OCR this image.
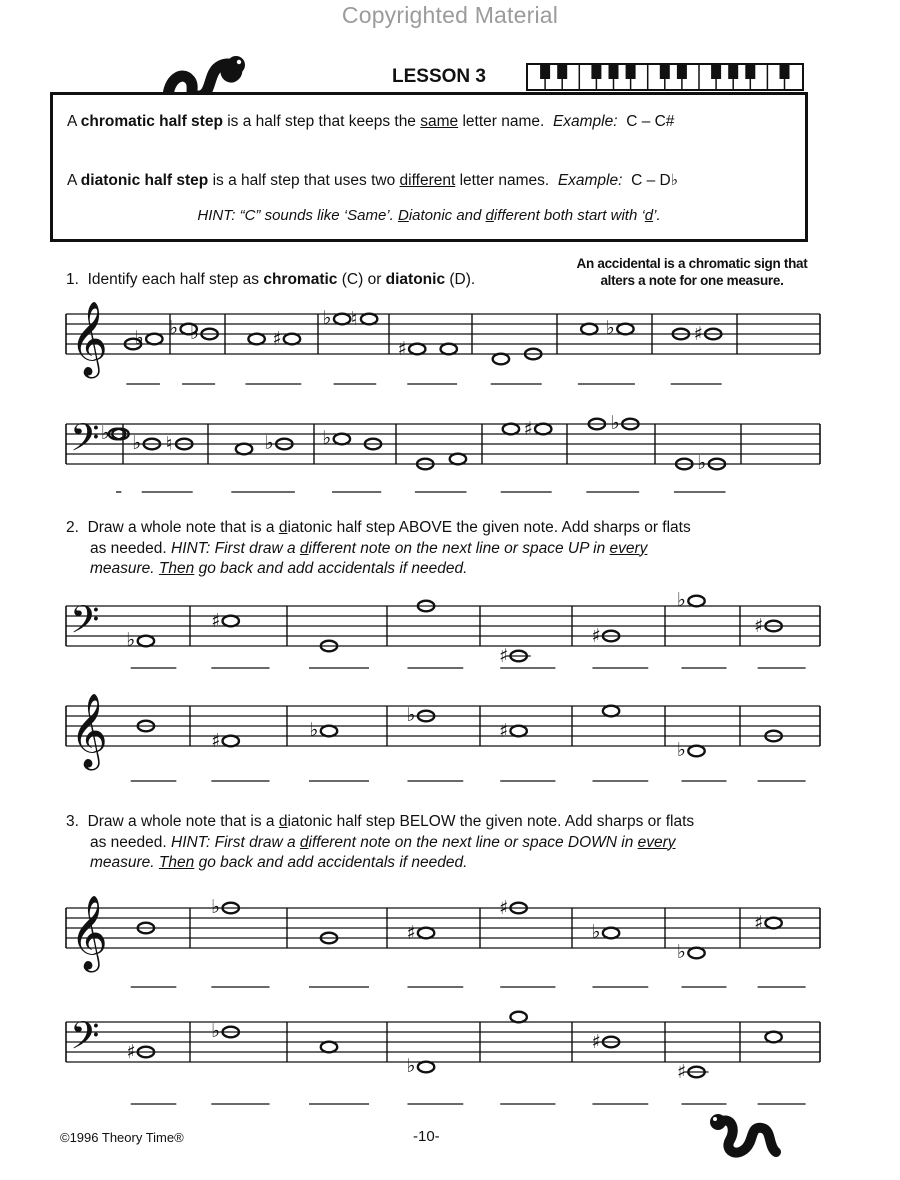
Copyrighted Material
LESSON 3
A chromatic half step is a half step that keeps the same letter name. Example: C – C#
A diatonic half step is a half step that uses two different letter names. Example: C – D♭
HINT: “C” sounds like ‘Same’. Diatonic and different both start with ‘d’.
An accidental is a chromatic sign that
alters a note for one measure.
1. Identify each half step as chromatic (C) or diatonic (D).
2. Draw a whole note that is a diatonic half step ABOVE the given note. Add sharps or flats
as needed. HINT: First draw a different note on the next line or space UP in every
measure. Then go back and add accidentals if needed.
3. Draw a whole note that is a diatonic half step BELOW the given note. Add sharps or flats
as needed. HINT: First draw a different note on the next line or space DOWN in every
measure. Then go back and add accidentals if needed.
𝄞 ♭ ♭ ♭	♯
♭ ♮
♯
♭	♯
𝄢 ♭ ♭ ♮	♭	♭	♯	♭
♭
𝄢 ♭
♯
♯
♯
♭
♯
𝄞	♯	♭
♭
♯
♭
𝄞	♭
♯
♯
♭
♭
♯
𝄢 ♯
♭
♭
♯
♯
©1996 Theory Time®	-10-
